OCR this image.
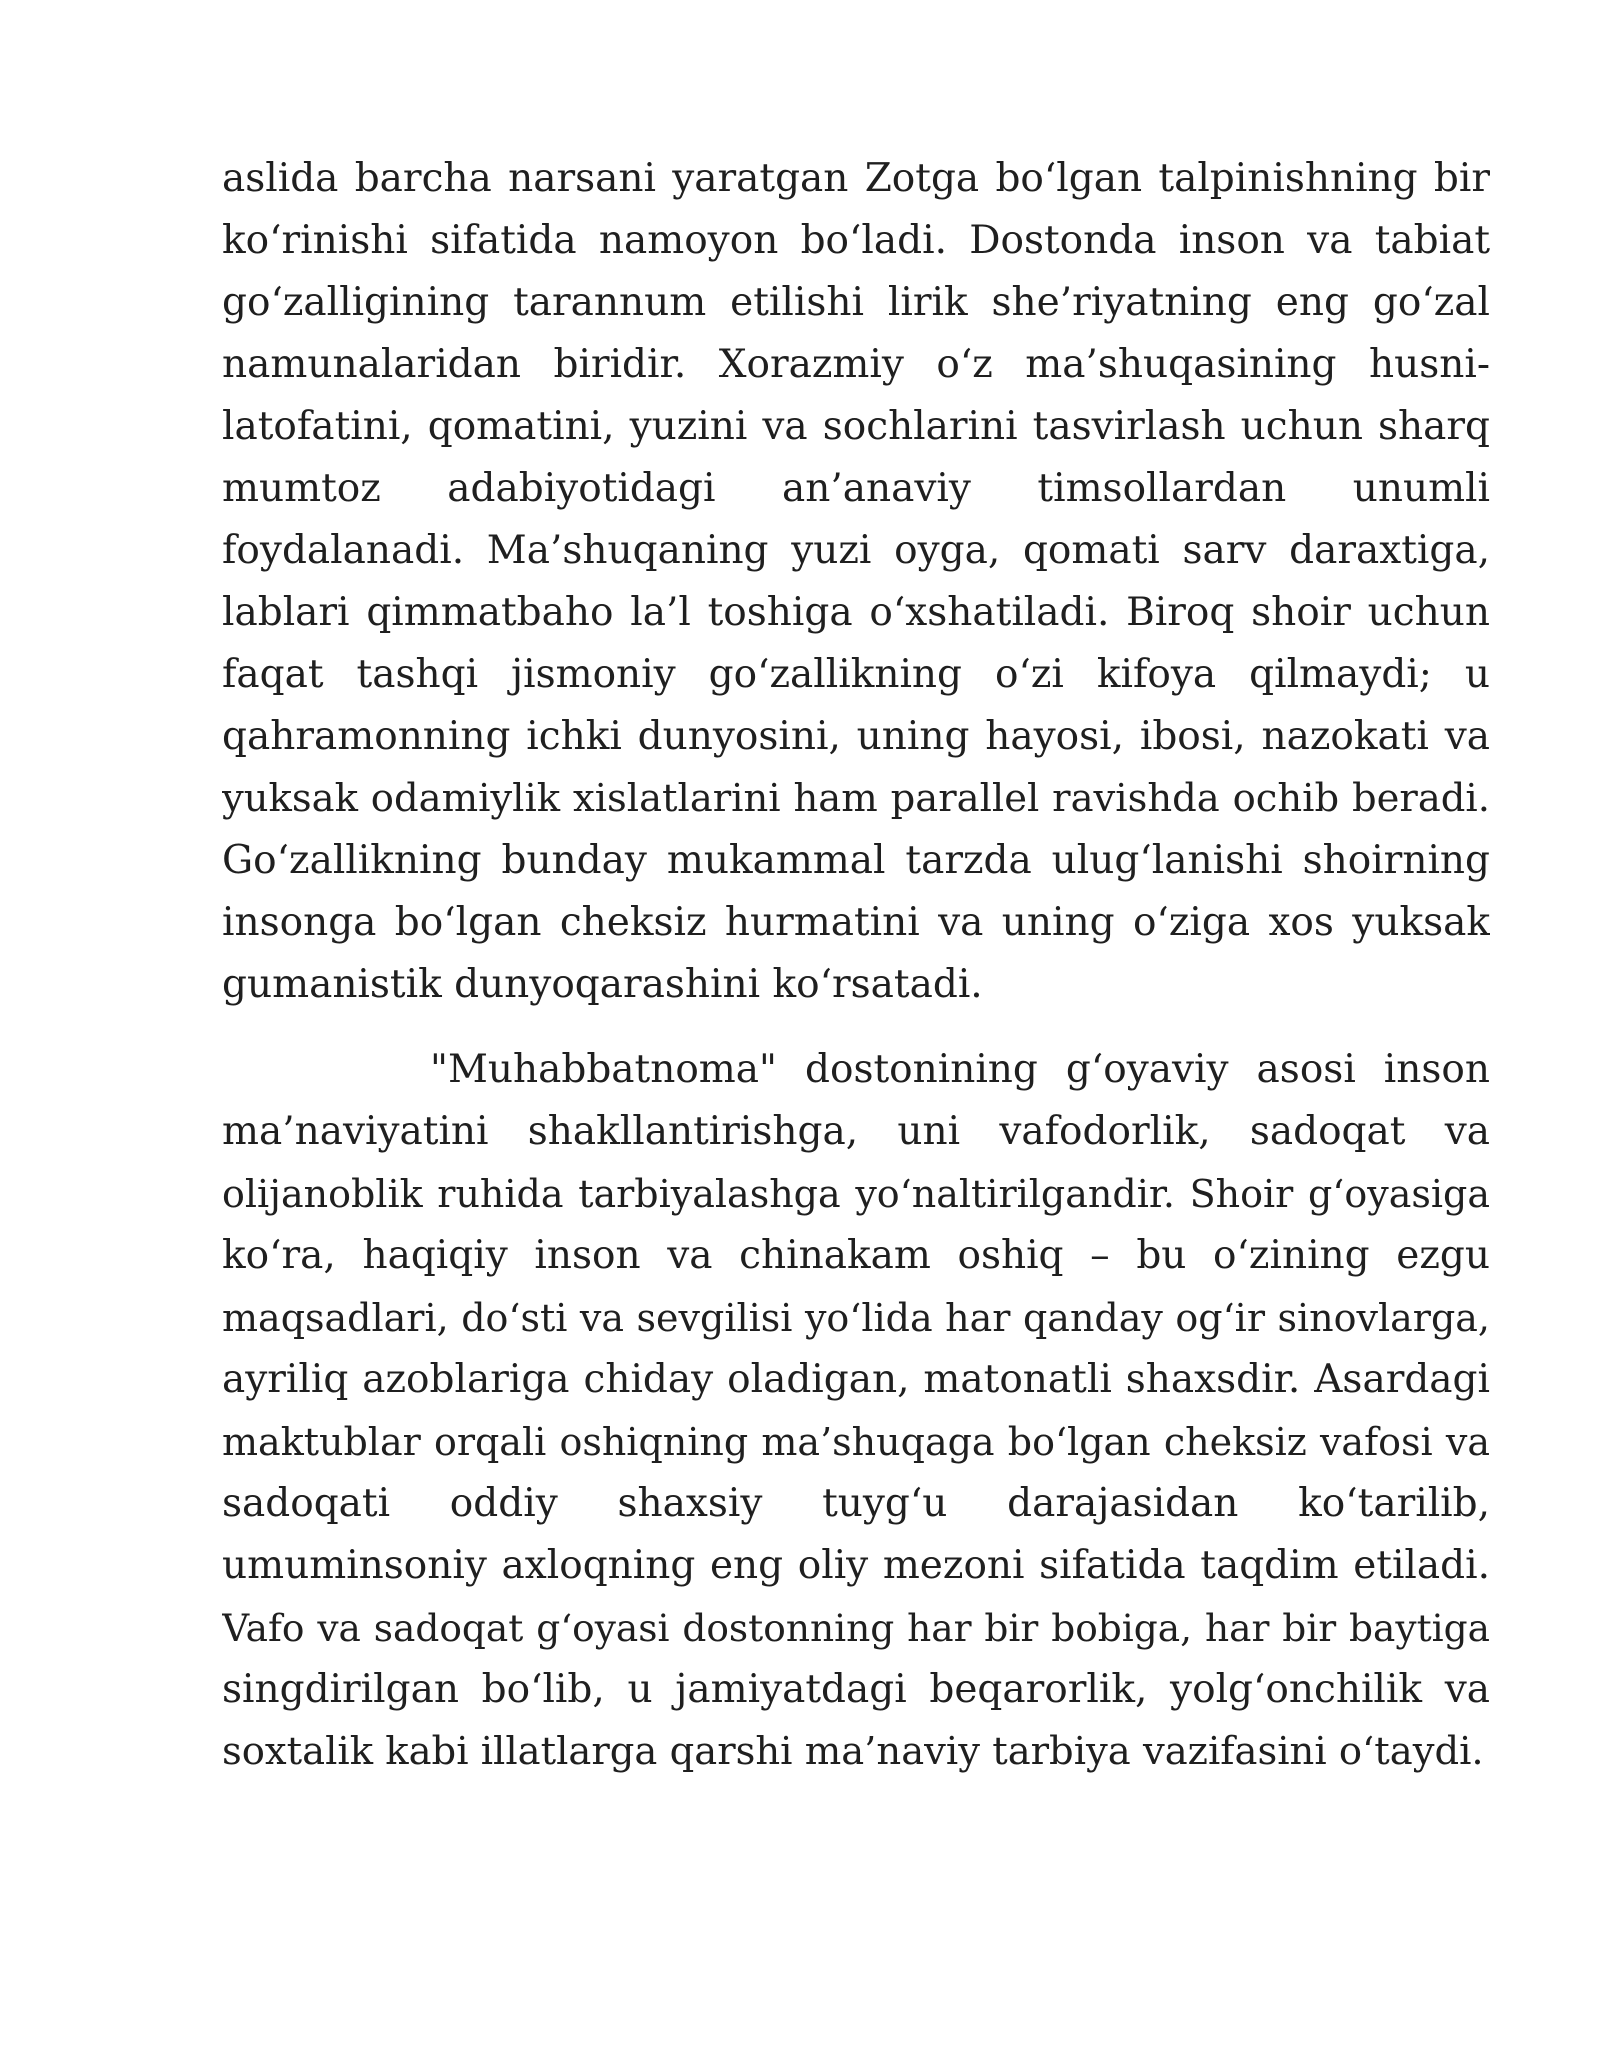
aslida barcha narsani yaratgan Zotga bo‘lgan talpinishning bir
ko‘rinishi sifatida namoyon bo‘ladi. Dostonda inson va tabiat
go‘zalligining tarannum etilishi lirik she’riyatning eng go‘zal
namunalaridan biridir. Xorazmiy o‘z ma’shuqasining husni-
latofatini, qomatini, yuzini va sochlarini tasvirlash uchun sharq
mumtoz adabiyotidagi an’anaviy timsollardan unumli
foydalanadi. Ma’shuqaning yuzi oyga, qomati sarv daraxtiga,
lablari qimmatbaho la’l toshiga o‘xshatiladi. Biroq shoir uchun
faqat tashqi jismoniy go‘zallikning o‘zi kifoya qilmaydi; u
qahramonning ichki dunyosini, uning hayosi, ibosi, nazokati va
yuksak odamiylik xislatlarini ham parallel ravishda ochib beradi.
Go‘zallikning bunday mukammal tarzda ulug‘lanishi shoirning
insonga bo‘lgan cheksiz hurmatini va uning o‘ziga xos yuksak
gumanistik dunyoqarashini ko‘rsatadi.
"Muhabbatnoma" dostonining g‘oyaviy asosi inson
ma’naviyatini shakllantirishga, uni vafodorlik, sadoqat va
olijanoblik ruhida tarbiyalashga yo‘naltirilgandir. Shoir g‘oyasiga
ko‘ra, haqiqiy inson va chinakam oshiq – bu o‘zining ezgu
maqsadlari, do‘sti va sevgilisi yo‘lida har qanday og‘ir sinovlarga,
ayriliq azoblariga chiday oladigan, matonatli shaxsdir. Asardagi
maktublar orqali oshiqning ma’shuqaga bo‘lgan cheksiz vafosi va
sadoqati oddiy shaxsiy tuyg‘u darajasidan ko‘tarilib,
umuminsoniy axloqning eng oliy mezoni sifatida taqdim etiladi.
Vafo va sadoqat g‘oyasi dostonning har bir bobiga, har bir baytiga
singdirilgan bo‘lib, u jamiyatdagi beqarorlik, yolg‘onchilik va
soxtalik kabi illatlarga qarshi ma’naviy tarbiya vazifasini o‘taydi.
